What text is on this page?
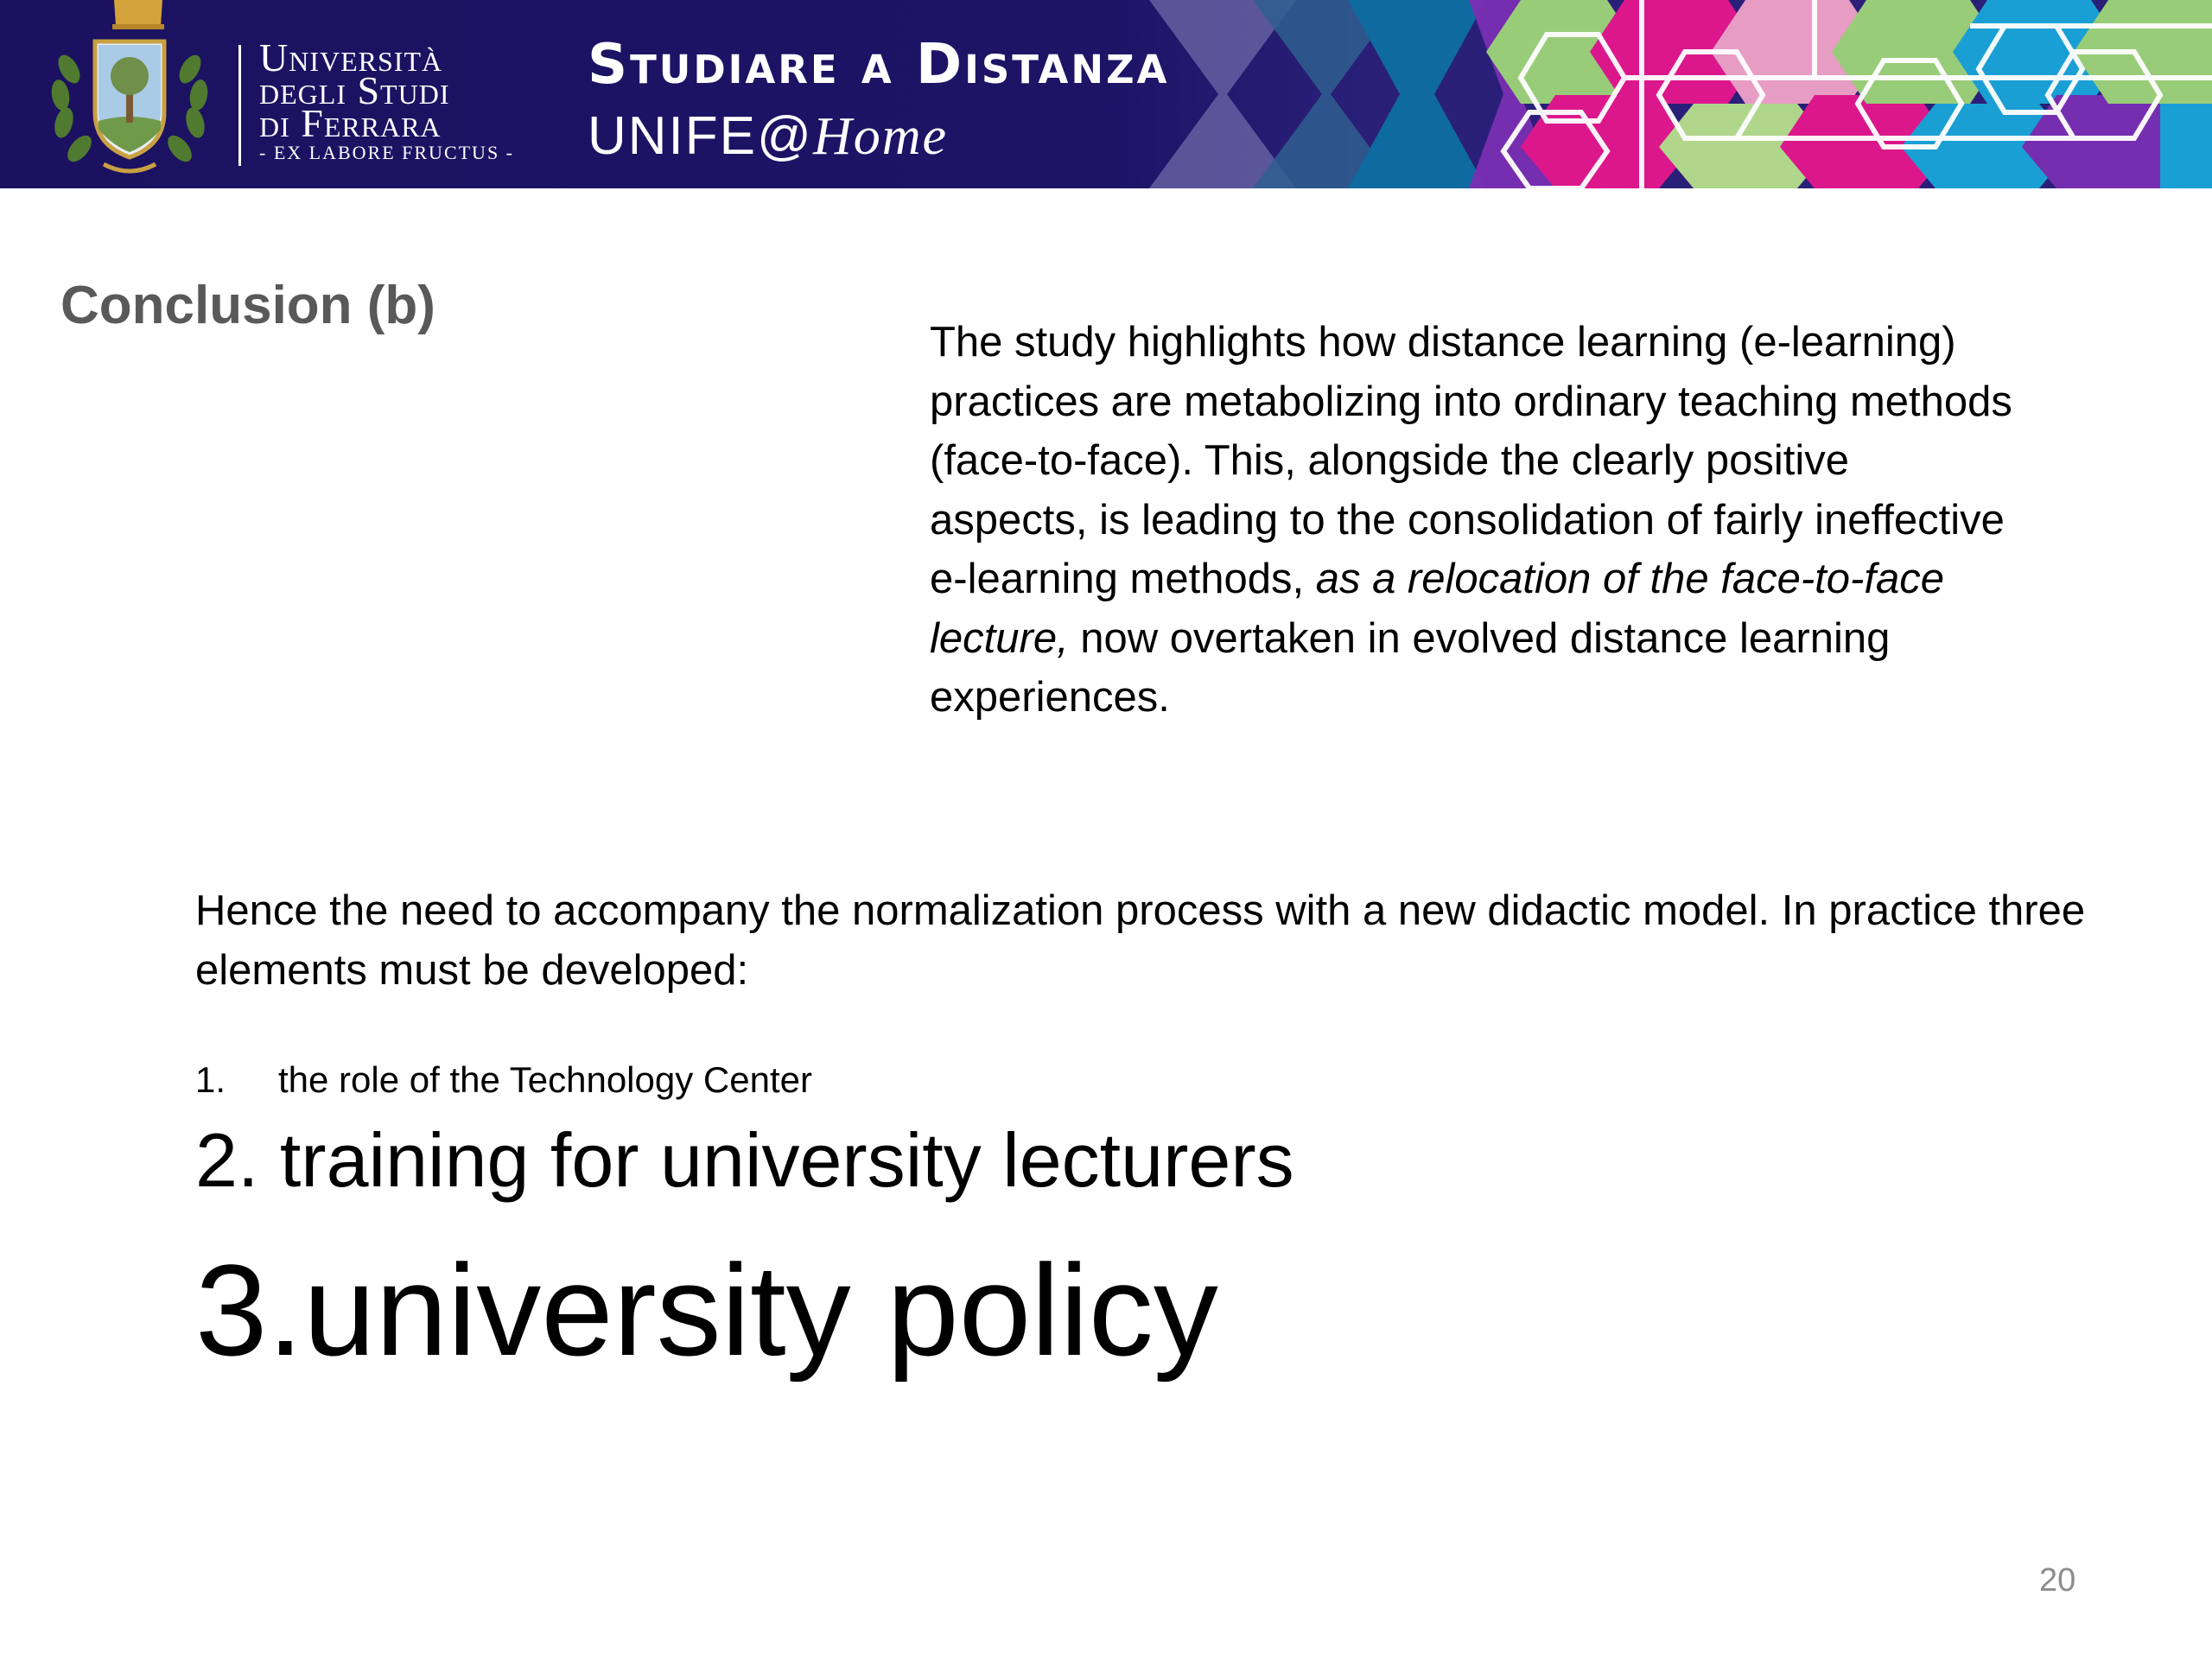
Università
degli Studi
di Ferrara
- EX LABORE FRUCTUS -
Studiare a Distanza
UNIFE@Home
Conclusion (b)

The study highlights how distance learning (e-learning) practices are metabolizing into ordinary teaching methods (face-to-face). This, alongside the clearly positive aspects, is leading to the consolidation of fairly ineffective e-learning methods, as a relocation of the face-to-face lecture, now overtaken in evolved distance learning experiences.

Hence the need to accompany the normalization process with a new didactic model. In practice three elements must be developed:

1. the role of the Technology Center
2. training for university lecturers
3.university policy
20
